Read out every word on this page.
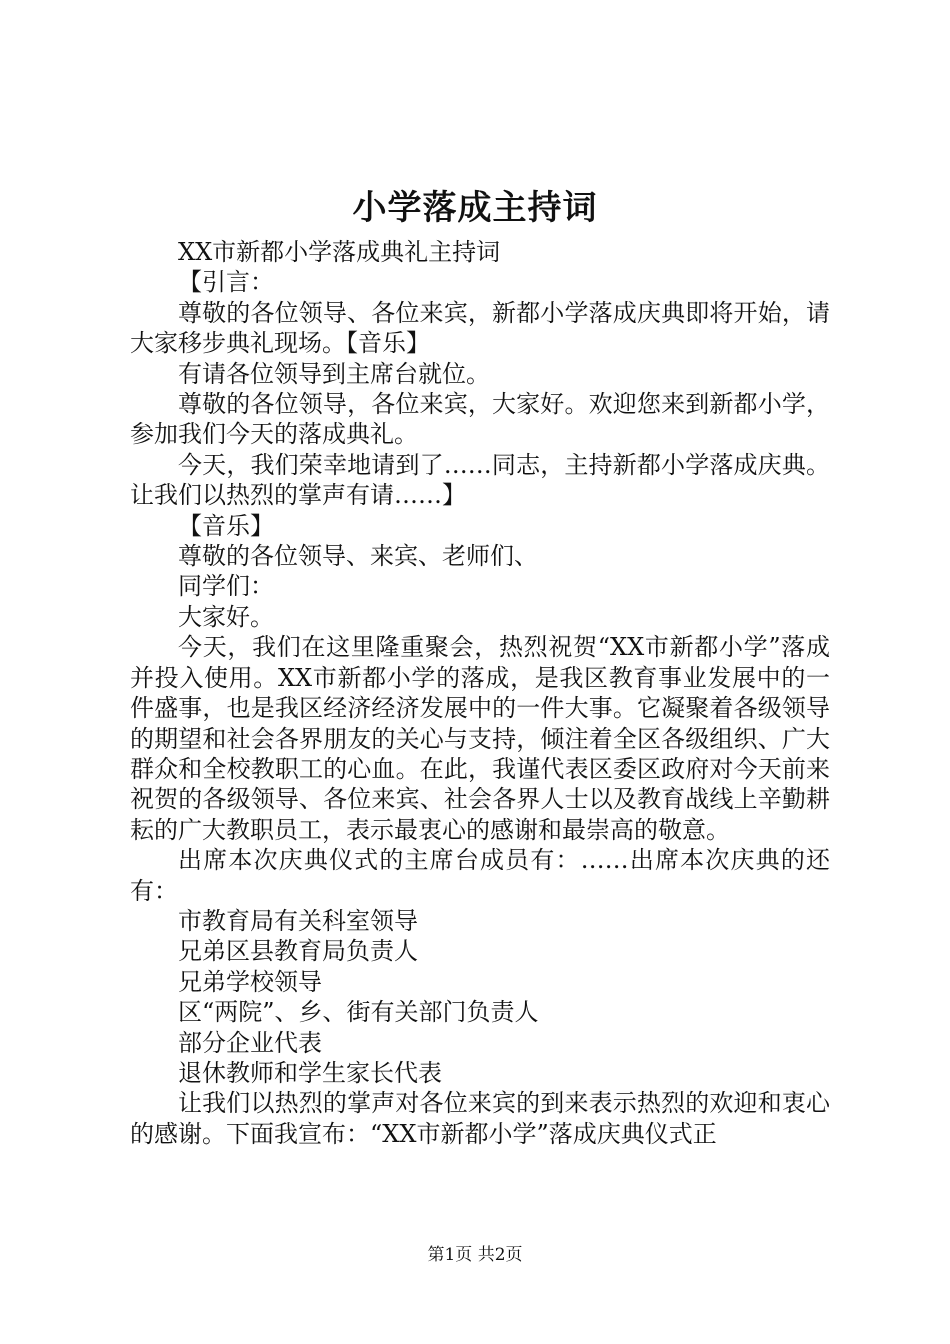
小学落成主持词

XX市新都小学落成典礼主持词

【引言：

尊敬的各位领导、各位来宾，新都小学落成庆典即将开始，请大家移步典礼现场。【音乐】

有请各位领导到主席台就位。

尊敬的各位领导，各位来宾，大家好。欢迎您来到新都小学，参加我们今天的落成典礼。

今天，我们荣幸地请到了……同志，主持新都小学落成庆典。让我们以热烈的掌声有请……】

【音乐】

尊敬的各位领导、来宾、老师们、

同学们：

大家好。

今天，我们在这里隆重聚会，热烈祝贺“XX市新都小学”落成并投入使用。XX市新都小学的落成，是我区教育事业发展中的一件盛事，也是我区经济经济发展中的一件大事。它凝聚着各级领导的期望和社会各界朋友的关心与支持，倾注着全区各级组织、广大群众和全校教职工的心血。在此，我谨代表区委区政府对今天前来祝贺的各级领导、各位来宾、社会各界人士以及教育战线上辛勤耕耘的广大教职员工，表示最衷心的感谢和最崇高的敬意。

出席本次庆典仪式的主席台成员有：……出席本次庆典的还有：

市教育局有关科室领导

兄弟区县教育局负责人

兄弟学校领导

区“两院”、乡、街有关部门负责人

部分企业代表

退休教师和学生家长代表

让我们以热烈的掌声对各位来宾的到来表示热烈的欢迎和衷心的感谢。下面我宣布：“XX市新都小学”落成庆典仪式正

第1页 共2页
